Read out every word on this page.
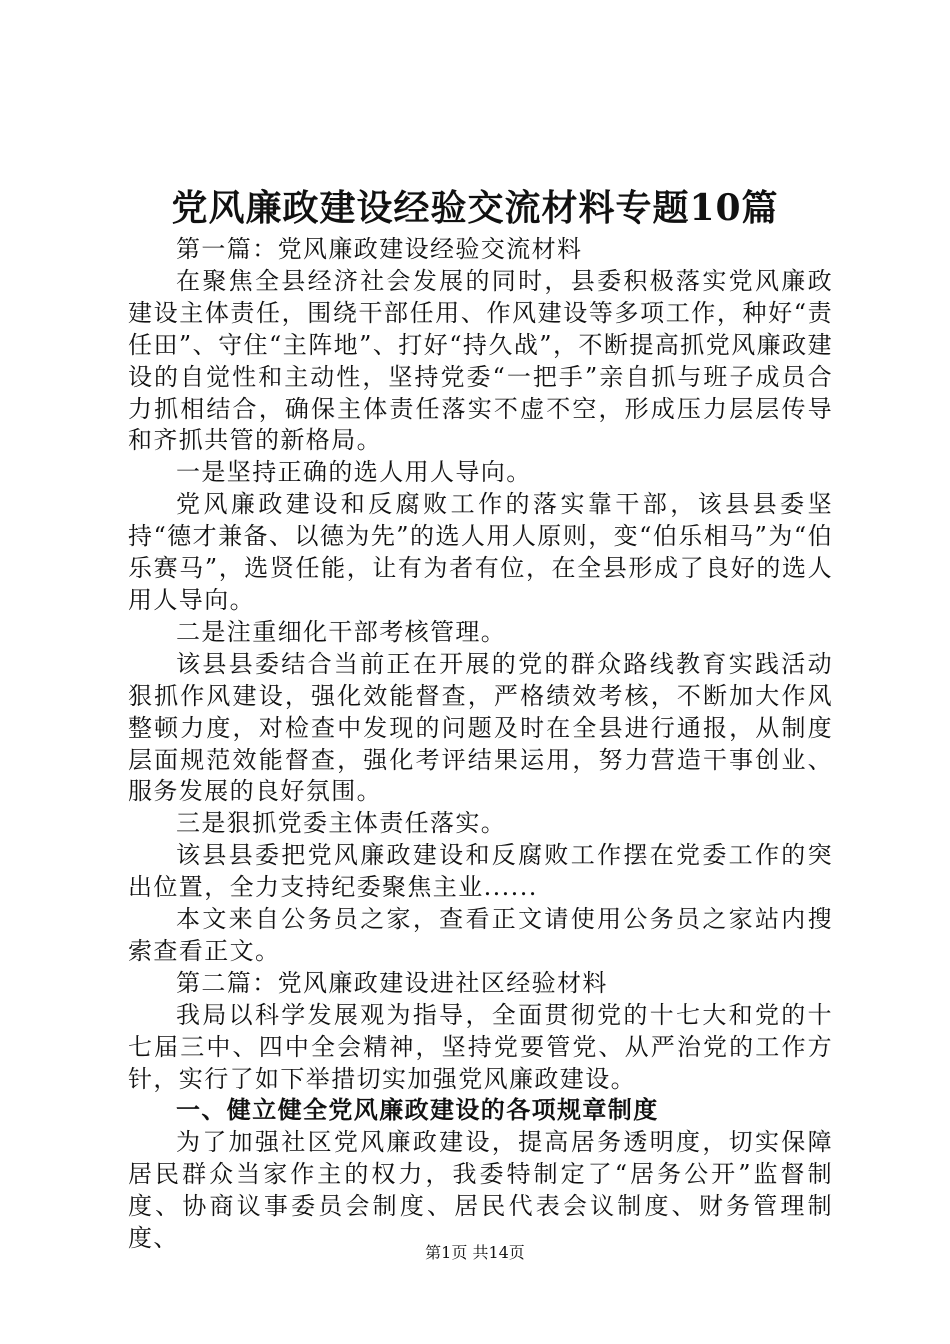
党风廉政建设经验交流材料专题10篇

第一篇：党风廉政建设经验交流材料

在聚焦全县经济社会发展的同时，县委积极落实党风廉政建设主体责任，围绕干部任用、作风建设等多项工作，种好“责任田”、守住“主阵地”、打好“持久战”，不断提高抓党风廉政建设的自觉性和主动性，坚持党委“一把手”亲自抓与班子成员合力抓相结合，确保主体责任落实不虚不空，形成压力层层传导和齐抓共管的新格局。

一是坚持正确的选人用人导向。

党风廉政建设和反腐败工作的落实靠干部，该县县委坚持“德才兼备、以德为先”的选人用人原则，变“伯乐相马”为“伯乐赛马”，选贤任能，让有为者有位，在全县形成了良好的选人用人导向。

二是注重细化干部考核管理。

该县县委结合当前正在开展的党的群众路线教育实践活动狠抓作风建设，强化效能督查，严格绩效考核，不断加大作风整顿力度，对检查中发现的问题及时在全县进行通报，从制度层面规范效能督查，强化考评结果运用，努力营造干事创业、服务发展的良好氛围。

三是狠抓党委主体责任落实。

该县县委把党风廉政建设和反腐败工作摆在党委工作的突出位置，全力支持纪委聚焦主业......

本文来自公务员之家，查看正文请使用公务员之家站内搜索查看正文。

第二篇：党风廉政建设进社区经验材料

我局以科学发展观为指导，全面贯彻党的十七大和党的十七届三中、四中全会精神，坚持党要管党、从严治党的工作方针，实行了如下举措切实加强党风廉政建设。

一、健立健全党风廉政建设的各项规章制度

为了加强社区党风廉政建设，提高居务透明度，切实保障居民群众当家作主的权力，我委特制定了“居务公开”监督制度、协商议事委员会制度、居民代表会议制度、财务管理制度、

第1页 共14页
